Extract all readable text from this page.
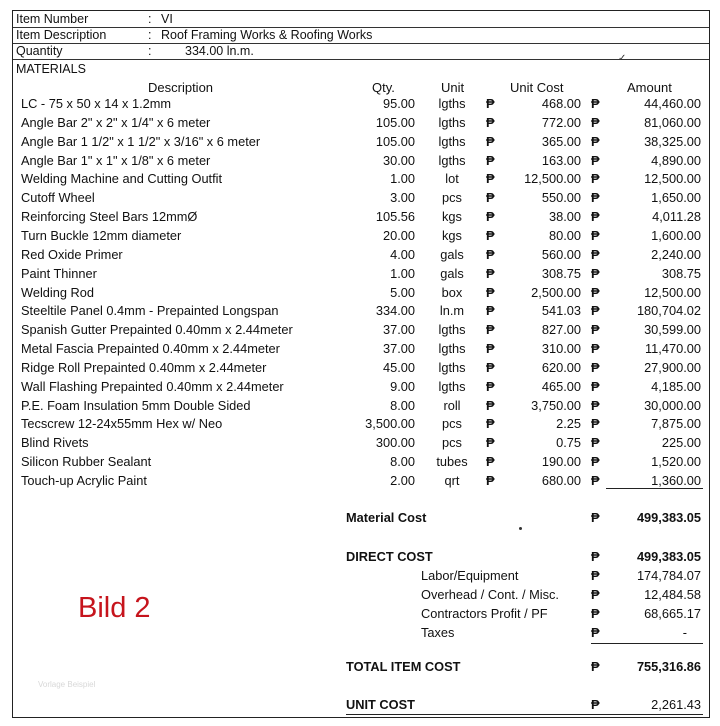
Item Number	: VI
Item Description	: Roof Framing Works & Roofing Works
Quantity	:	334.00 ln.m.
✓
MATERIALS
Description	Qty.	Unit	Unit Cost	Amount
LC - 75 x 50 x 14 x 1.2mm	95.00	lgths	₱	468.00 ₱	44,460.00
Angle Bar 2" x 2" x 1/4" x 6 meter	105.00	lgths	₱	772.00 ₱	81,060.00
Angle Bar 1 1/2" x 1 1/2" x 3/16" x 6 meter	105.00	lgths	₱	365.00 ₱	38,325.00
Angle Bar 1" x 1" x 1/8" x 6 meter	30.00	lgths	₱	163.00 ₱	4,890.00
Welding Machine and Cutting Outfit	1.00	lot	₱ 12,500.00 ₱	12,500.00
Cutoff Wheel	3.00	pcs	₱	550.00 ₱	1,650.00
Reinforcing Steel Bars 12mmØ	105.56	kgs	₱	38.00 ₱	4,011.28
Turn Buckle 12mm diameter	20.00	kgs	₱	80.00 ₱	1,600.00
Red Oxide Primer	4.00	gals	₱	560.00 ₱	2,240.00
Paint Thinner	1.00	gals	₱	308.75 ₱	308.75
Welding Rod	5.00	box	₱	2,500.00 ₱	12,500.00
Steeltile Panel 0.4mm - Prepainted Longspan	334.00	ln.m	₱	541.03 ₱	180,704.02
Spanish Gutter Prepainted 0.40mm x 2.44meter	37.00	lgths	₱	827.00 ₱	30,599.00
Metal Fascia Prepainted 0.40mm x 2.44meter	37.00	lgths	₱	310.00 ₱	11,470.00
Ridge Roll Prepainted 0.40mm x 2.44meter	45.00	lgths	₱	620.00 ₱	27,900.00
Wall Flashing Prepainted 0.40mm x 2.44meter	9.00	lgths	₱	465.00 ₱	4,185.00
P.E. Foam Insulation 5mm Double Sided	8.00	roll	₱	3,750.00 ₱	30,000.00
Tecscrew 12-24x55mm Hex w/ Neo	3,500.00	pcs	₱	2.25 ₱	7,875.00
Blind Rivets	300.00	pcs	₱	0.75 ₱	225.00
Silicon Rubber Sealant	8.00	tubes	₱	190.00 ₱	1,520.00
Touch-up Acrylic Paint	2.00	qrt	₱	680.00 ₱	1,360.00
Material Cost	₱	499,383.05
DIRECT COST	₱	499,383.05
Labor/Equipment	₱	174,784.07
Overhead / Cont. / Misc.	₱	12,484.58
Contractors Profit / PF	₱	68,665.17
Taxes	₱	-
TOTAL ITEM COST	₱	755,316.86
UNIT COST	₱	2,261.43
Bild 2
Vorlage Beispiel
